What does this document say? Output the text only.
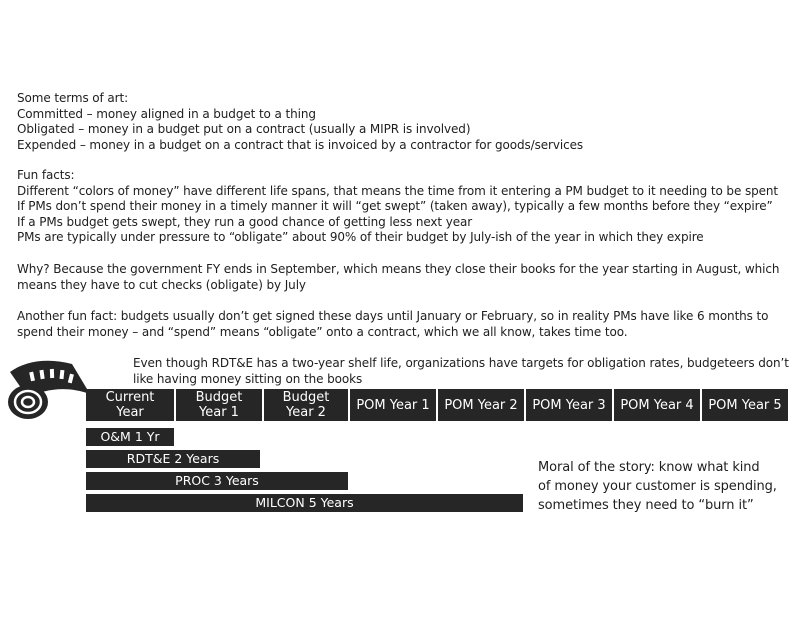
Some terms of art:
Committed – money aligned in a budget to a thing
Obligated – money in a budget put on a contract (usually a MIPR is involved)
Expended – money in a budget on a contract that is invoiced by a contractor for goods/services
Fun facts:
Different “colors of money” have different life spans, that means the time from it entering a PM budget to it needing to be spent
If PMs don’t spend their money in a timely manner it will “get swept” (taken away), typically a few months before they “expire”
If a PMs budget gets swept, they run a good chance of getting less next year
PMs are typically under pressure to “obligate” about 90% of their budget by July-ish of the year in which they expire
Why? Because the government FY ends in September, which means they close their books for the year starting in August, which
means they have to cut checks (obligate) by July
Another fun fact: budgets usually don’t get signed these days until January or February, so in reality PMs have like 6 months to
spend their money – and “spend” means “obligate” onto a contract, which we all know, takes time too.
Even though RDT&E has a two-year shelf life, organizations have targets for obligation rates, budgeteers don’t
like having money sitting on the books
Current
Year
Budget
Year 1
Budget
Year 2 POM Year 1 POM Year 2 POM Year 3 POM Year 4 POM Year 5
O&M 1 Yr
RDT&E 2 Years
PROC 3 Years
MILCON 5 Years
Moral of the story: know what kind
of money your customer is spending,
sometimes they need to “burn it”
